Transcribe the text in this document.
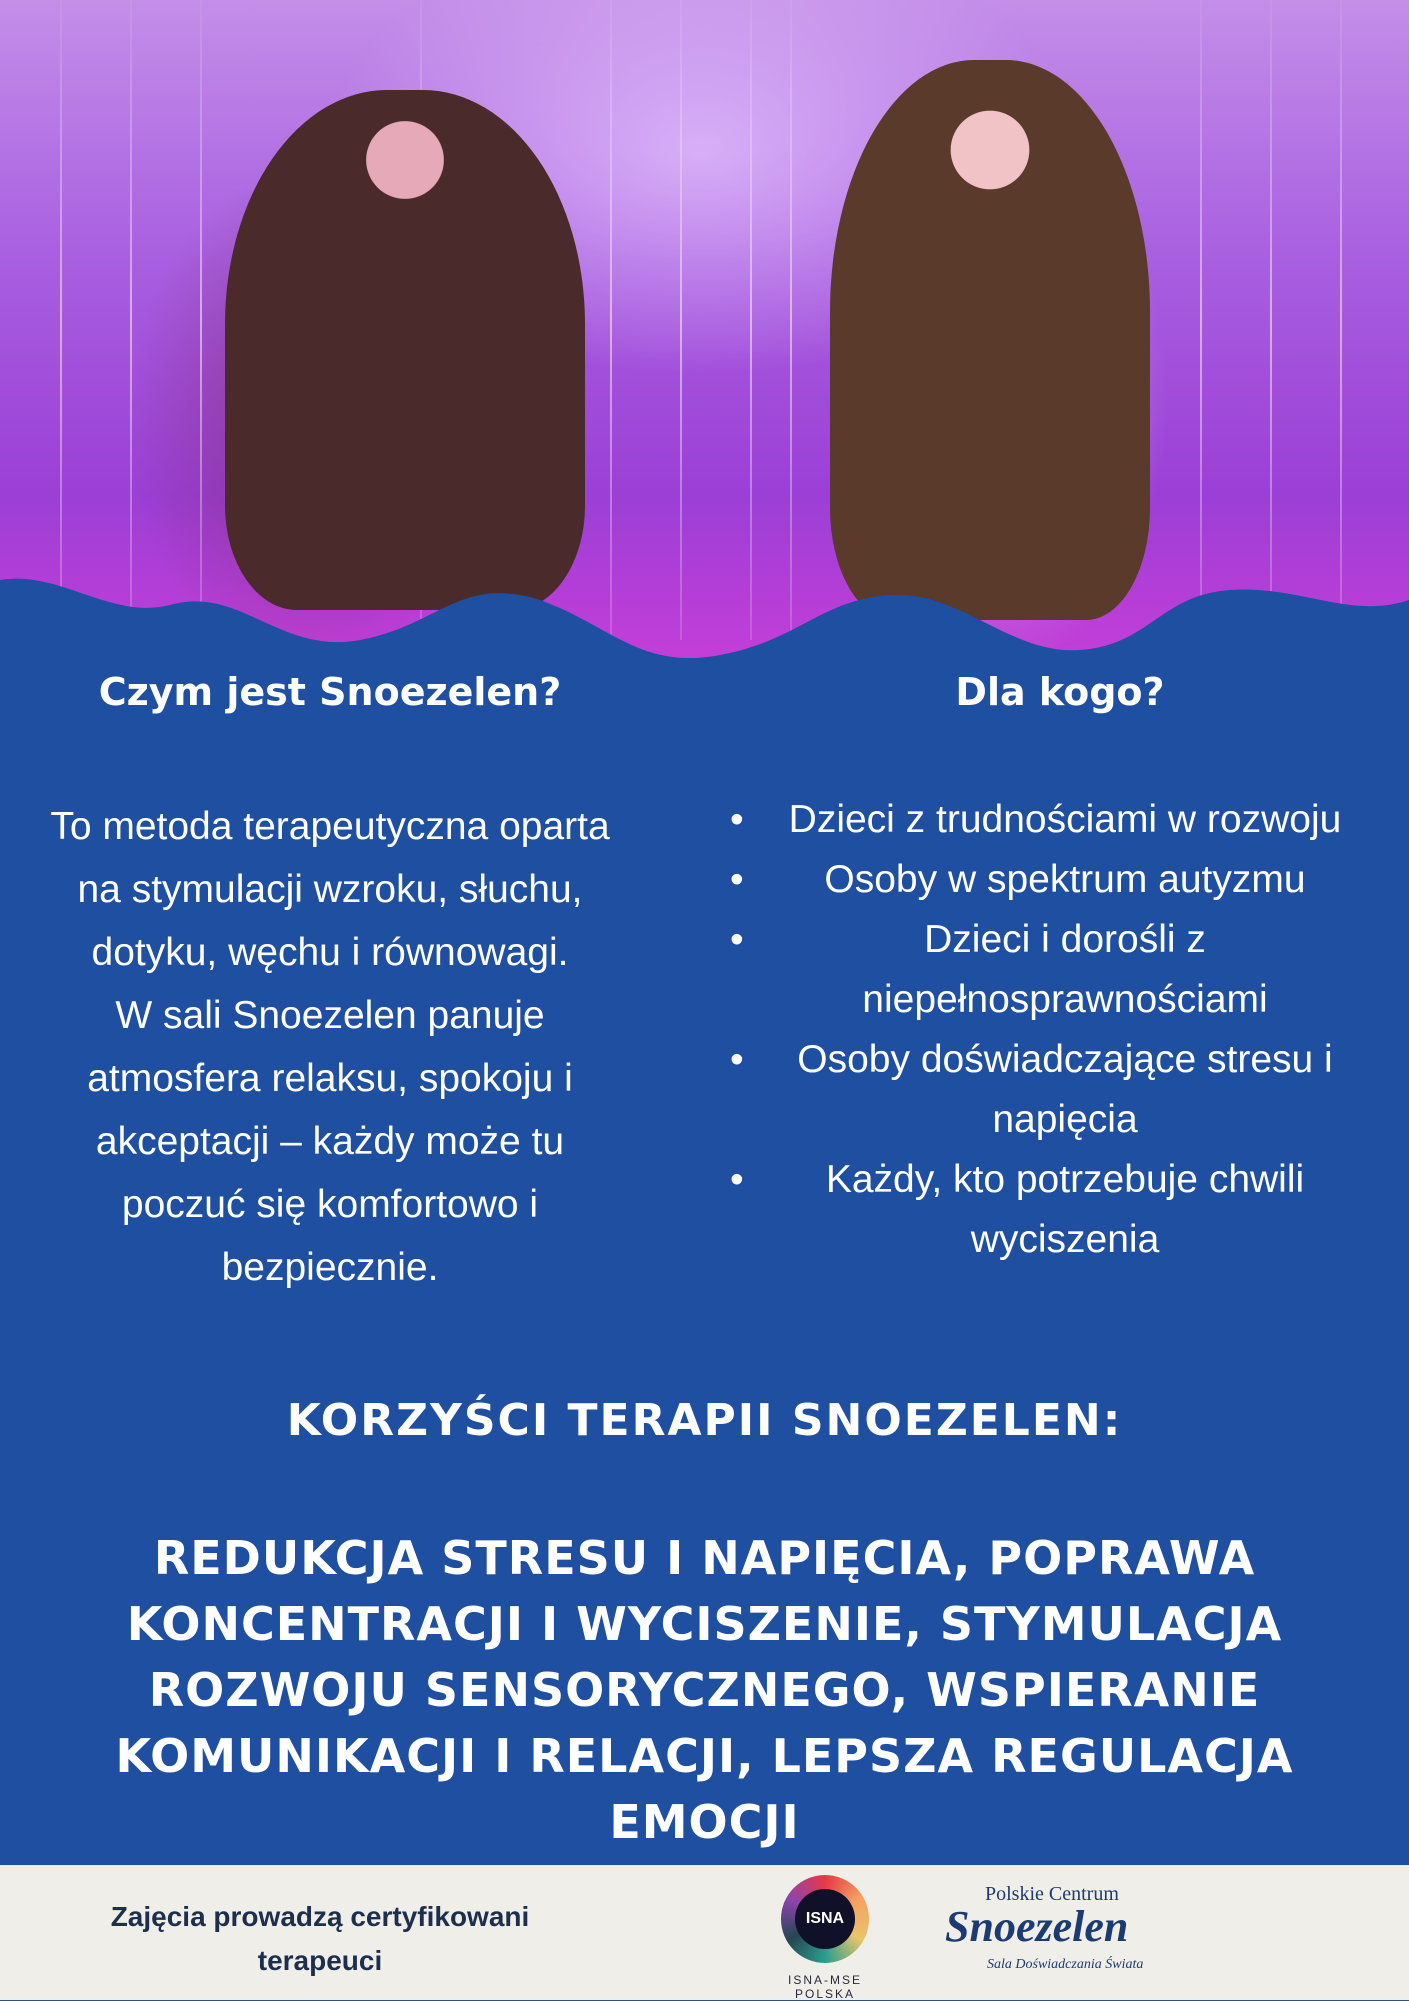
Czym jest Snoezelen?	Dla kogo?

To metoda terapeutyczna oparta na stymulacji wzroku, słuchu, dotyku, węchu i równowagi.

W sali Snoezelen panuje atmosfera relaksu, spokoju i akceptacji – każdy może tu poczuć się komfortowo i bezpiecznie.

• Dzieci z trudnościami w rozwoju
• Osoby w spektrum autyzmu
• Dzieci i dorośli z niepełnosprawnościami
• Osoby doświadczające stresu i napięcia
• Każdy, kto potrzebuje chwili wyciszenia
KORZYŚCI TERAPII SNOEZELEN:
REDUKCJA STRESU I NAPIĘCIA, POPRAWA KONCENTRACJI I WYCISZENIE, STYMULACJA ROZWOJU SENSORYCZNEGO, WSPIERANIE KOMUNIKACJI I RELACJI, LEPSZA REGULACJA EMOCJI
Zajęcia prowadzą certyfikowani terapeuci
ISNA
ISNA-MSE POLSKA
Polskie Centrum
Snoezelen
Sala Doświadczania Świata
